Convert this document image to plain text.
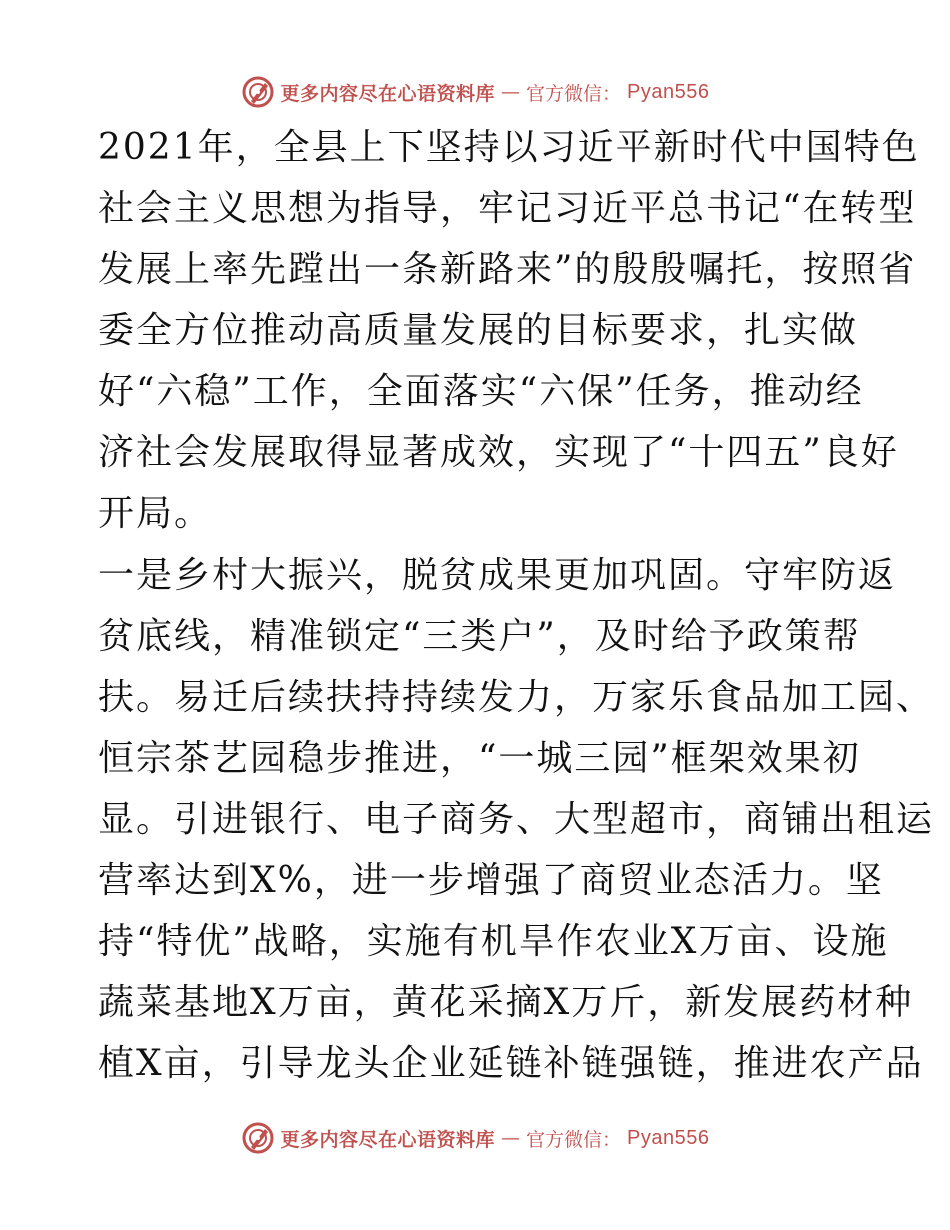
更多内容尽在心语资料库 — 官方微信： Pyan556
2021年，全县上下坚持以习近平新时代中国特色
社会主义思想为指导，牢记习近平总书记“在转型
发展上率先蹚出一条新路来”的殷殷嘱托，按照省
委全方位推动高质量发展的目标要求，扎实做
好“六稳”工作，全面落实“六保”任务，推动经
济社会发展取得显著成效，实现了“十四五”良好
开局。
一是乡村大振兴，脱贫成果更加巩固。守牢防返
贫底线，精准锁定“三类户”，及时给予政策帮
扶。易迁后续扶持持续发力，万家乐食品加工园、
恒宗茶艺园稳步推进，“一城三园”框架效果初
显。引进银行、电子商务、大型超市，商铺出租运
营率达到X%，进一步增强了商贸业态活力。坚
持“特优”战略，实施有机旱作农业X万亩、设施
蔬菜基地X万亩，黄花采摘X万斤，新发展药材种
植X亩，引导龙头企业延链补链强链，推进农产品
更多内容尽在心语资料库 — 官方微信： Pyan556
